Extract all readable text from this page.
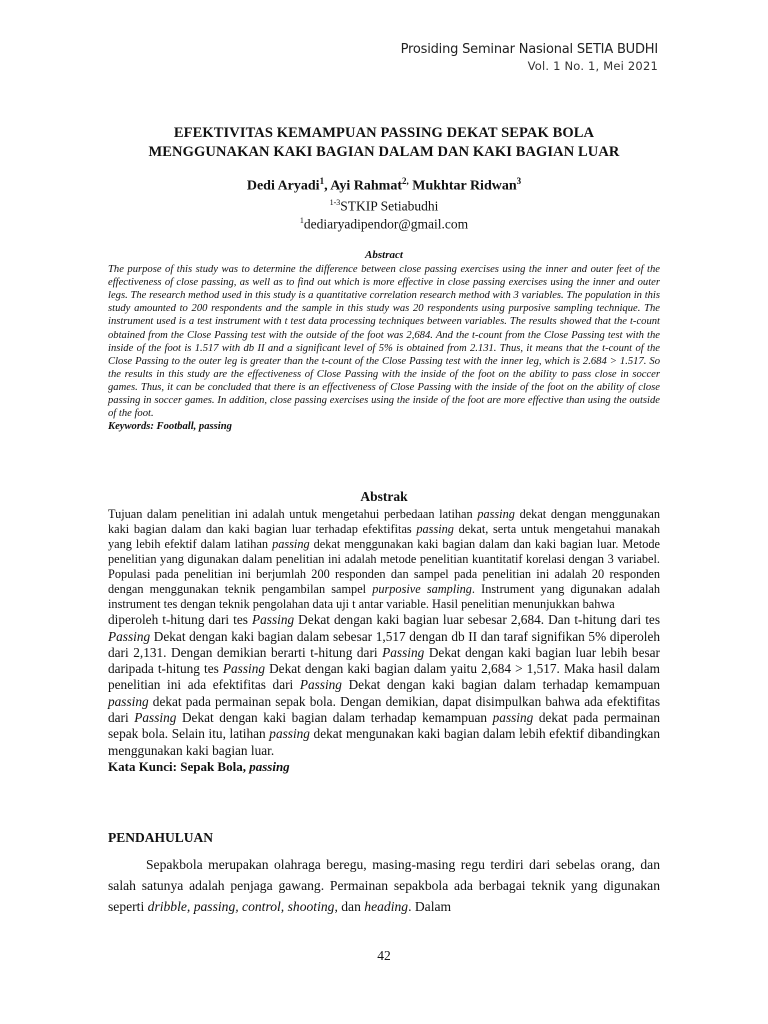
Prosiding Seminar Nasional SETIA BUDHI
Vol. 1 No. 1, Mei 2021
EFEKTIVITAS KEMAMPUAN PASSING DEKAT SEPAK BOLA
MENGGUNAKAN KAKI BAGIAN DALAM DAN KAKI BAGIAN LUAR
Dedi Aryadi$^1$, Ayi Rahmat$^{2,}$ Mukhtar Ridwan$^3$
$^{1-3}$STKIP Setiabudhi
$^1$dediaryadipendor@gmail.com
Abstract
The purpose of this study was to determine the difference between close passing exercises using the inner and outer feet of the effectiveness of close passing, as well as to find out which is more effective in close passing exercises using the inner and outer legs. The research method used in this study is a quantitative correlation research method with 3 variables. The population in this study amounted to 200 respondents and the sample in this study was 20 respondents using purposive sampling technique. The instrument used is a test instrument with t test data processing techniques between variables. The results showed that the t-count obtained from the Close Passing test with the outside of the foot was 2,684. And the t-count from the Close Passing test with the inside of the foot is 1.517 with db II and a significant level of 5% is obtained from 2.131. Thus, it means that the t-count of the Close Passing to the outer leg is greater than the t-count of the Close Passing test with the inner leg, which is 2.684 > 1.517. So the results in this study are the effectiveness of Close Passing with the inside of the foot on the ability to pass close in soccer games. Thus, it can be concluded that there is an effectiveness of Close Passing with the inside of the foot on the ability of close passing in soccer games. In addition, close passing exercises using the inside of the foot are more effective than using the outside of the foot.
Keywords: Football, passing
Abstrak
Tujuan dalam penelitian ini adalah untuk mengetahui perbedaan latihan passing dekat dengan menggunakan kaki bagian dalam dan kaki bagian luar terhadap efektifitas passing dekat, serta untuk mengetahui manakah yang lebih efektif dalam latihan passing dekat menggunakan kaki bagian dalam dan kaki bagian luar. Metode penelitian yang digunakan dalam penelitian ini adalah metode penelitian kuantitatif korelasi dengan 3 variabel. Populasi pada penelitian ini berjumlah 200 responden dan sampel pada penelitian ini adalah 20 responden dengan menggunakan teknik pengambilan sampel purposive sampling. Instrument yang digunakan adalah instrument tes dengan teknik pengolahan data uji t antar variable. Hasil penelitian menunjukkan bahwa
diperoleh t-hitung dari tes Passing Dekat dengan kaki bagian luar sebesar 2,684. Dan t-hitung dari tes Passing Dekat dengan kaki bagian dalam sebesar 1,517 dengan db II dan taraf signifikan 5% diperoleh dari 2,131. Dengan demikian berarti t-hitung dari Passing Dekat dengan kaki bagian luar lebih besar daripada t-hitung tes Passing Dekat dengan kaki bagian dalam yaitu 2,684 > 1,517. Maka hasil dalam penelitian ini ada efektifitas dari Passing Dekat dengan kaki bagian dalam terhadap kemampuan passing dekat pada permainan sepak bola. Dengan demikian, dapat disimpulkan bahwa ada efektifitas dari Passing Dekat dengan kaki bagian dalam terhadap kemampuan passing dekat pada permainan sepak bola. Selain itu, latihan passing dekat mengunakan kaki bagian dalam lebih efektif dibandingkan menggunakan kaki bagian luar.
Kata Kunci: Sepak Bola, passing
PENDAHULUAN
Sepakbola merupakan olahraga beregu, masing-masing regu terdiri dari sebelas orang, dan salah satunya adalah penjaga gawang. Permainan sepakbola ada berbagai teknik yang digunakan seperti dribble, passing, control, shooting, dan heading. Dalam
42
